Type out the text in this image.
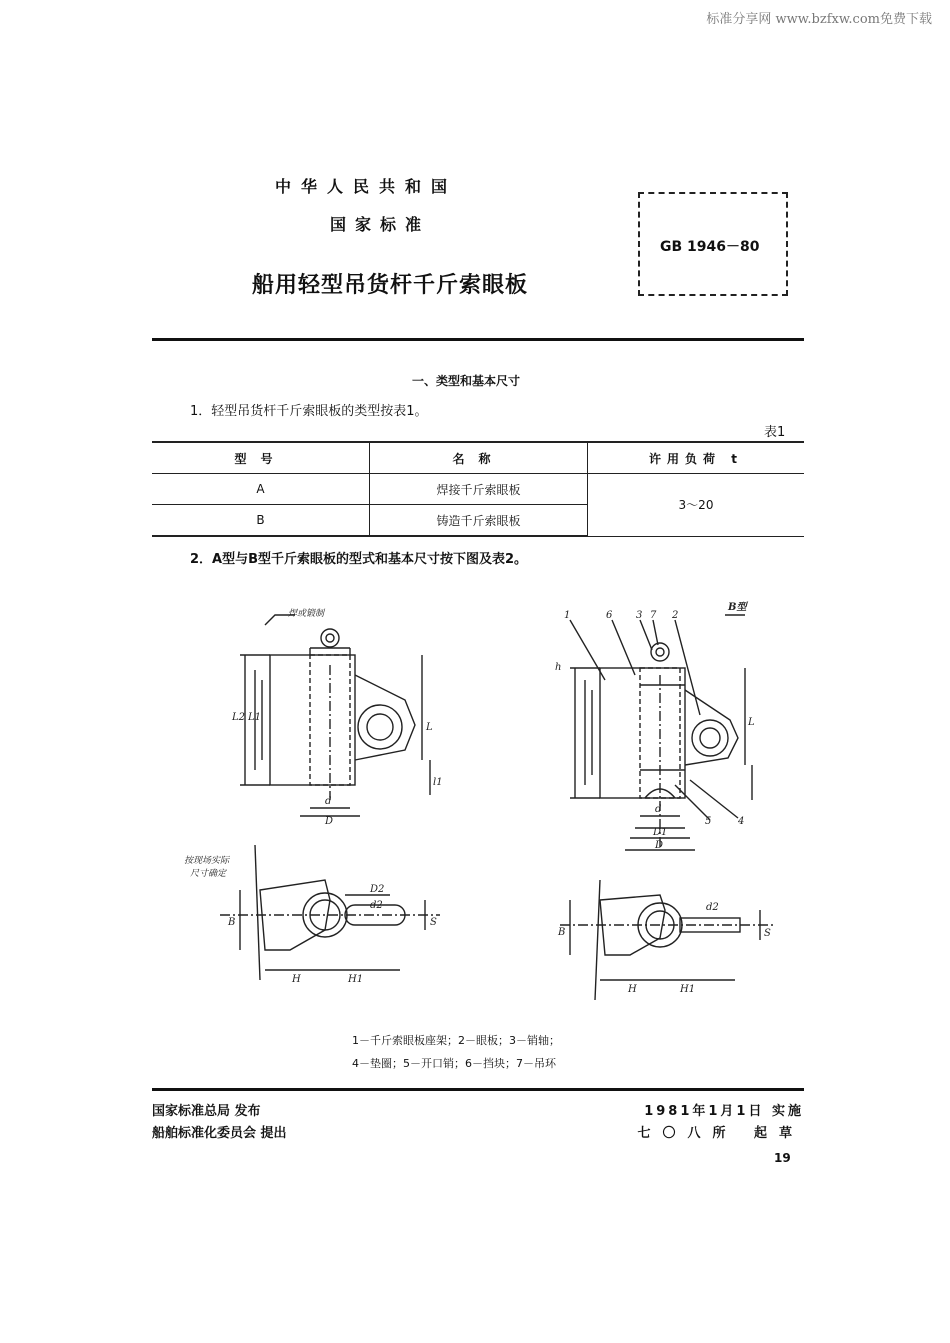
标准分享网 www.bzfxw.com免费下载
中华人民共和国
国家标准
船用轻型吊货杆千斤索眼板
GB 1946－80
一、类型和基本尺寸
1．轻型吊货杆千斤索眼板的类型按表1。
表1
型号	名称	许用负荷 t
A	焊接千斤索眼板	3～20
B	铸造千斤索眼板	
2．A型与B型千斤索眼板的型式和基本尺寸按下图及表2。
L2 L1
L
l1
d
D
焊或锻制	1	6 3 7 2
5	4
B型
d
D1
D
L
h
按现场实际
尺寸确定
B
H	H1
D2
d2
S
B
H	H1
d2
S
1－千斤索眼板座架；2－眼板；3－销轴；
4－垫圈；5－开口销；6－挡块；7－吊环
国家标准总局 发布
船舶标准化委员会 提出
1981年1月1日 实施
七〇八所 起草
19
